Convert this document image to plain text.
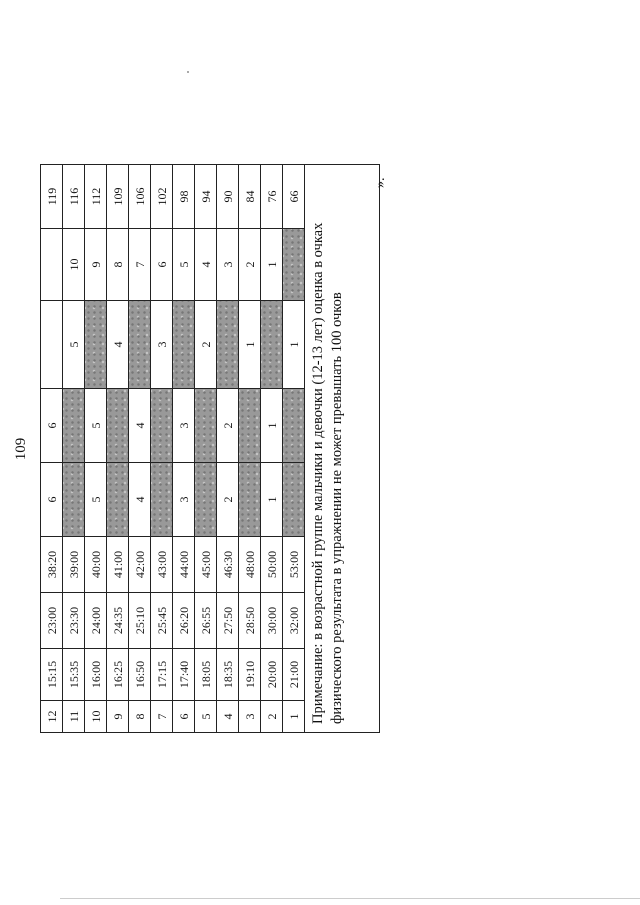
109
12	15:15	23:00	38:20	6	6			119
11	15:35	23:30	39:00			5	10	116
10	16:00	24:00	40:00	5	5		9	112
9	16:25	24:35	41:00			4	8	109
8	16:50	25:10	42:00	4	4		7	106
7	17:15	25:45	43:00			3	6	102
6	17:40	26:20	44:00	3	3		5	98
5	18:05	26:55	45:00			2	4	94
4	18:35	27:50	46:30	2	2		3	90
3	19:10	28:50	48:00			1	2	84
2	20:00	30:00	50:00	1	1		1	76
1	21:00	32:00	53:00			1		66
Примечание: в возрастной группе мальчики и девочки (12-13 лет) оценка в очках физического результата в упражнении не может превышать 100 очков								
».
